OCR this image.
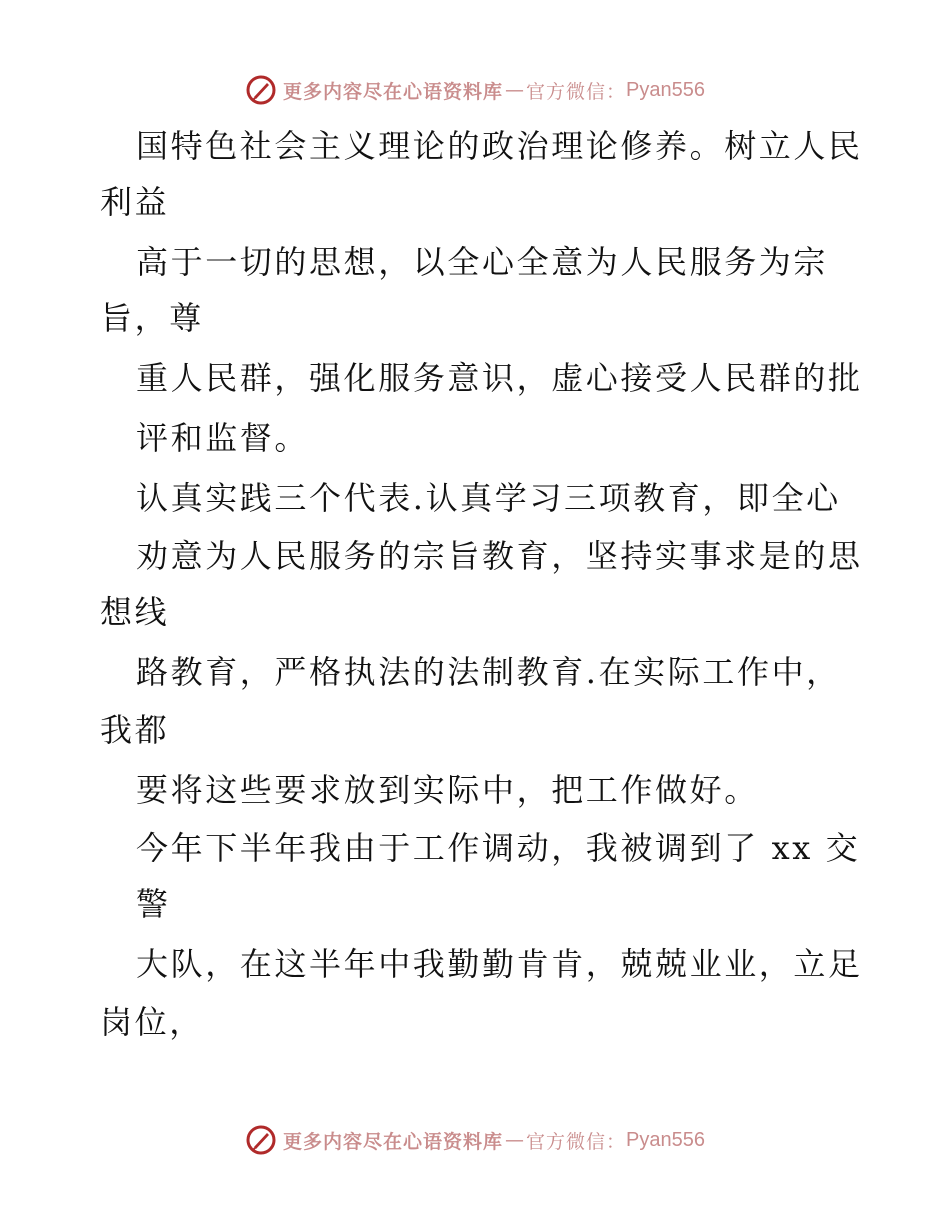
更多内容尽在心语资料库 — 官方微信： Pyan556
国特色社会主义理论的政治理论修养。树立人民
利益
高于一切的思想，以全心全意为人民服务为宗
旨，尊
重人民群，强化服务意识，虚心接受人民群的批
评和监督。
认真实践三个代表.认真学习三项教育，即全心
劝意为人民服务的宗旨教育，坚持实事求是的思
想线
路教育，严格执法的法制教育.在实际工作中，
我都
要将这些要求放到实际中，把工作做好。
今年下半年我由于工作调动，我被调到了 xx 交
警
大队，在这半年中我勤勤肯肯，兢兢业业，立足
岗位，
更多内容尽在心语资料库 — 官方微信： Pyan556
